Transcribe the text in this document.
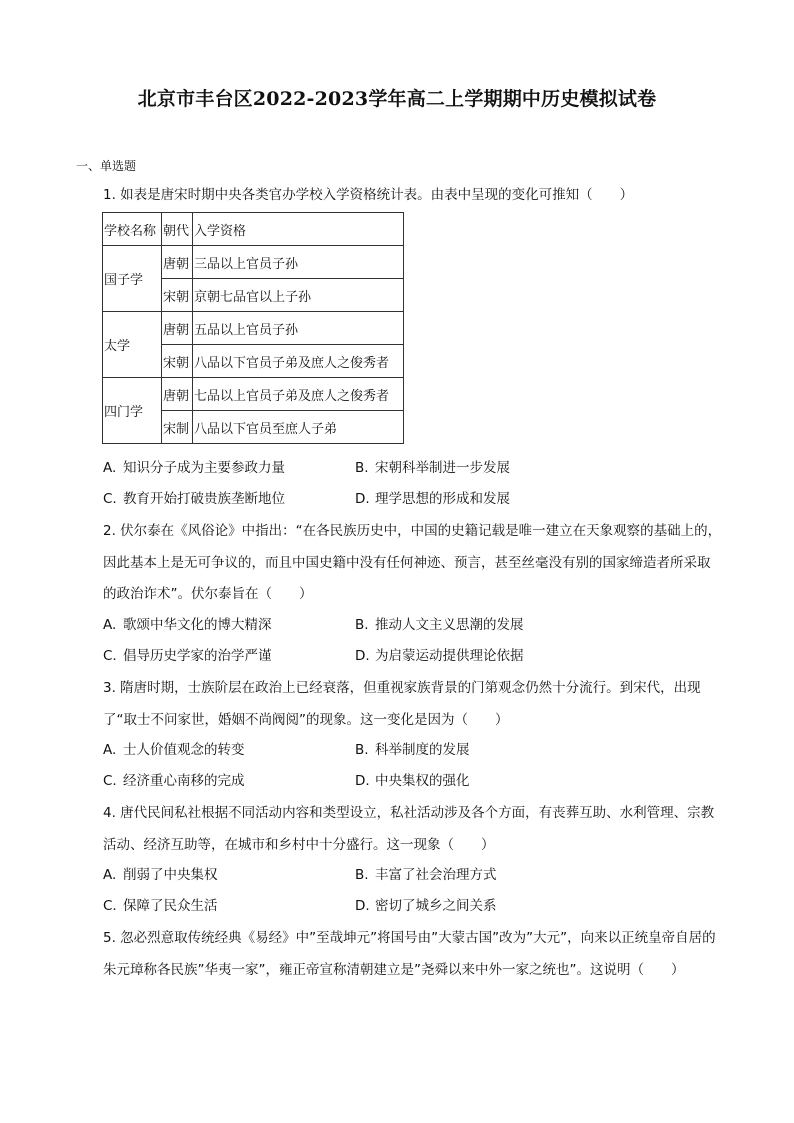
北京市丰台区2022-2023学年高二上学期期中历史模拟试卷
一、单选题

1. 如表是唐宋时期中央各类官办学校入学资格统计表。由表中呈现的变化可推知（　　）

学校名称	朝代	入学资格
国子学	唐朝	三品以上官员子孙
	宋朝	京朝七品官以上子孙
太学	唐朝	五品以上官员子孙
	宋朝	八品以下官员子弟及庶人之俊秀者
四门学	唐朝	七品以上官员子弟及庶人之俊秀者
	宋制	八品以下官员至庶人子弟
A. 知识分子成为主要参政力量	B. 宋朝科举制进一步发展
C. 教育开始打破贵族垄断地位	D. 理学思想的形成和发展

2. 伏尔泰在《风俗论》中指出：“在各民族历史中，中国的史籍记载是唯一建立在天象观察的基础上的，因此基本上是无可争议的，而且中国史籍中没有任何神迹、预言，甚至丝毫没有别的国家缔造者所采取的政治诈术”。伏尔泰旨在（　　）

A. 歌颂中华文化的博大精深	B. 推动人文主义思潮的发展
C. 倡导历史学家的治学严谨	D. 为启蒙运动提供理论依据

3. 隋唐时期，士族阶层在政治上已经衰落，但重视家族背景的门第观念仍然十分流行。到宋代，出现了“取士不问家世，婚姻不尚阀阅”的现象。这一变化是因为（　　）

A. 士人价值观念的转变	B. 科举制度的发展
C. 经济重心南移的完成	D. 中央集权的强化

4. 唐代民间私社根据不同活动内容和类型设立，私社活动涉及各个方面，有丧葬互助、水利管理、宗教活动、经济互助等，在城市和乡村中十分盛行。这一现象（　　）

A. 削弱了中央集权	B. 丰富了社会治理方式
C. 保障了民众生活	D. 密切了城乡之间关系

5. 忽必烈意取传统经典《易经》中”至哉坤元”将国号由”大蒙古国”改为”大元”，向来以正统皇帝自居的朱元璋称各民族”华夷一家”，雍正帝宣称清朝建立是”尧舜以来中外一家之统也”。这说明（　　）
